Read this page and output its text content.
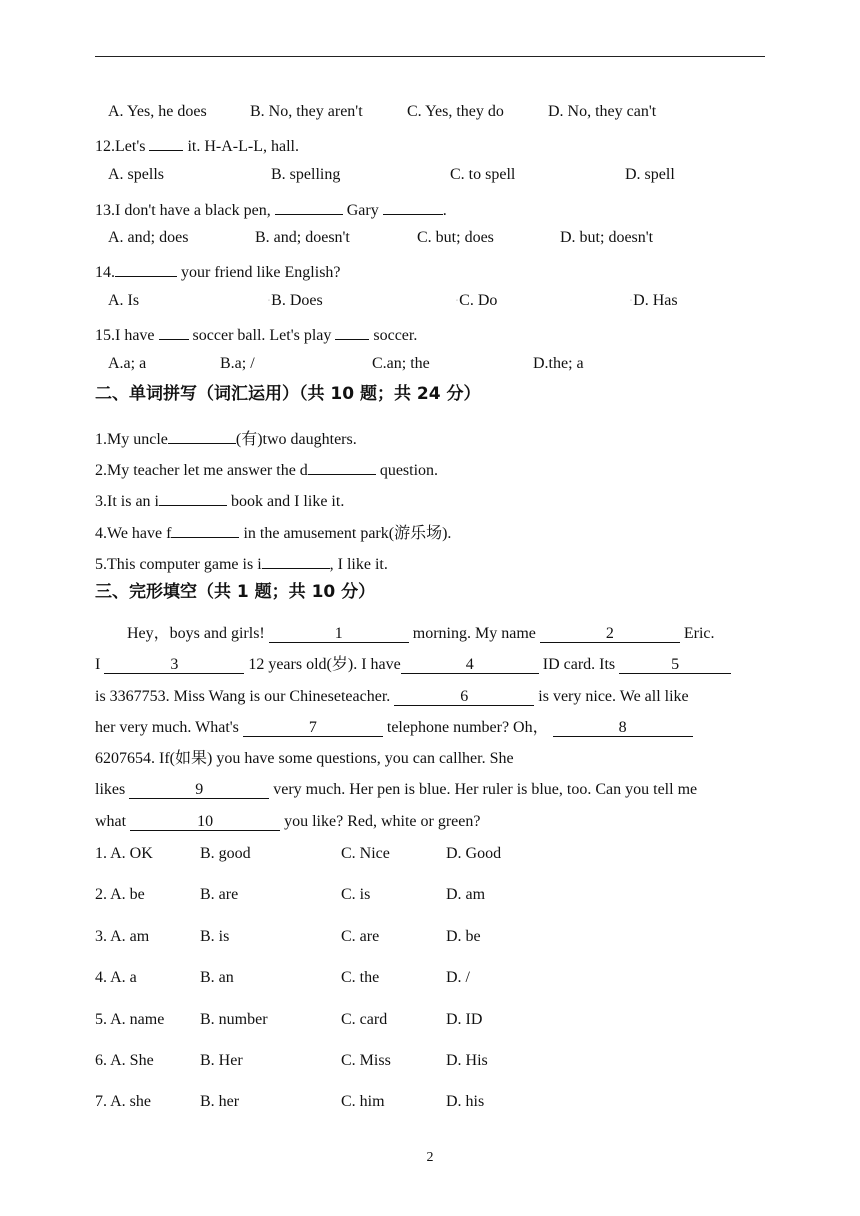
A. Yes, he does	B. No, they aren't	C. Yes, they do	D. No, they can't
12.Let's  it. H-A-L-L, hall.
A. spells	B. spelling	C. to spell	D. spell
13.I don't have a black pen,	Gary	.
A. and; does	B. and; doesn't	C. but; does	D. but; doesn't
14.	your friend like English?
A. Is	◦B. Does	◦C. Do	◦D. Has
15.I have  soccer ball. Let's play  soccer.
A.a; a	B.a; /	C.an; the	D.the; a
二、单词拼写（词汇运用）（共 10 题；共 24 分）
1.My uncle	(有)two daughters.
2.My teacher let me answer the d	question.
3.It is an i	book and I like it.
4.We have f	in the amusement park(游乐场).
5.This computer game is i	, I like it.
三、完形填空（共 1 题；共 10 分）
Hey，boys and girls!	1	morning. My name	2	Eric.
I	3	12 years old(岁). I have	4	ID card. Its	5
is 3367753. Miss Wang is our Chineseteacher.	6	is very nice. We all like
her very much. What's	7	telephone number? Oh，	8
6207654. If(如果) you have some questions, you can callher. She
likes	9	very much. Her pen is blue. Her ruler is blue, too. Can you tell me
what	10	you like? Red, white or green?
1. A. OK	B. good	C. Nice	D. Good
2. A. be	B. are	C. is	D. am
3. A. am	B. is	C. are	D. be
4. A. a	B. an	C. the	D. /
5. A. name B. number	C. card	D. ID
6. A. She	B. Her	C. Miss	D. His
7. A. she	B. her	C. him	D. his
2
